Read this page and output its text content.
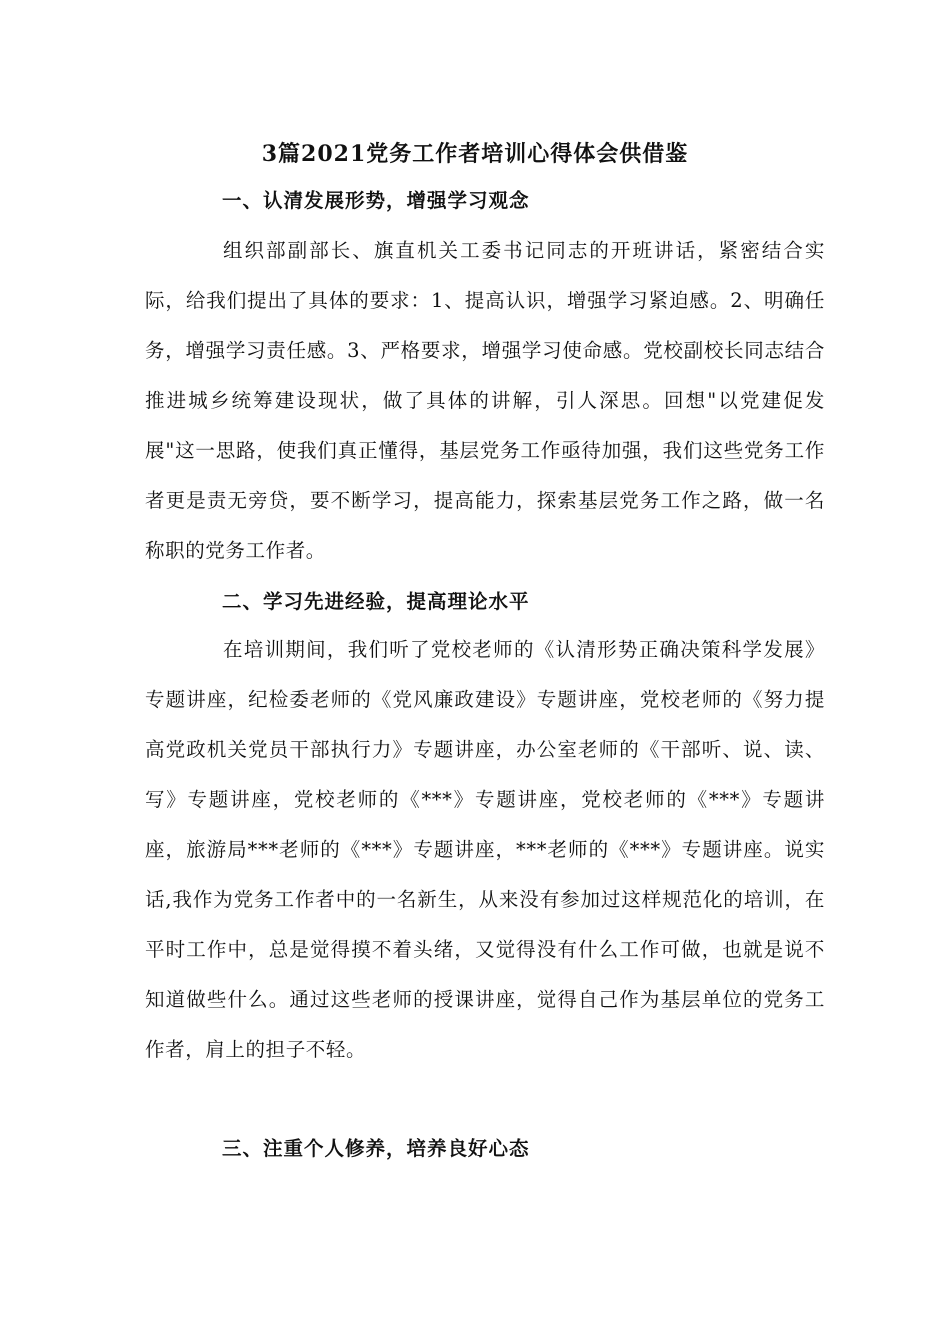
3篇2021党务工作者培训心得体会供借鉴
一、认清发展形势，增强学习观念

组织部副部长、旗直机关工委书记同志的开班讲话，紧密结合实际，给我们提出了具体的要求：1、提高认识，增强学习紧迫感。2、明确任务，增强学习责任感。3、严格要求，增强学习使命感。党校副校长同志结合推进城乡统筹建设现状，做了具体的讲解，引人深思。回想"以党建促发展"这一思路，使我们真正懂得，基层党务工作亟待加强，我们这些党务工作者更是责无旁贷，要不断学习，提高能力，探索基层党务工作之路，做一名称职的党务工作者。

二、学习先进经验，提高理论水平

在培训期间，我们听了党校老师的《认清形势正确决策科学发展》专题讲座，纪检委老师的《党风廉政建设》专题讲座，党校老师的《努力提高党政机关党员干部执行力》专题讲座，办公室老师的《干部听、说、读、写》专题讲座，党校老师的《***》专题讲座，党校老师的《***》专题讲座，旅游局***老师的《***》专题讲座，***老师的《***》专题讲座。说实话,我作为党务工作者中的一名新生，从来没有参加过这样规范化的培训，在平时工作中，总是觉得摸不着头绪，又觉得没有什么工作可做，也就是说不知道做些什么。通过这些老师的授课讲座，觉得自己作为基层单位的党务工作者，肩上的担子不轻。

三、注重个人修养，培养良好心态
